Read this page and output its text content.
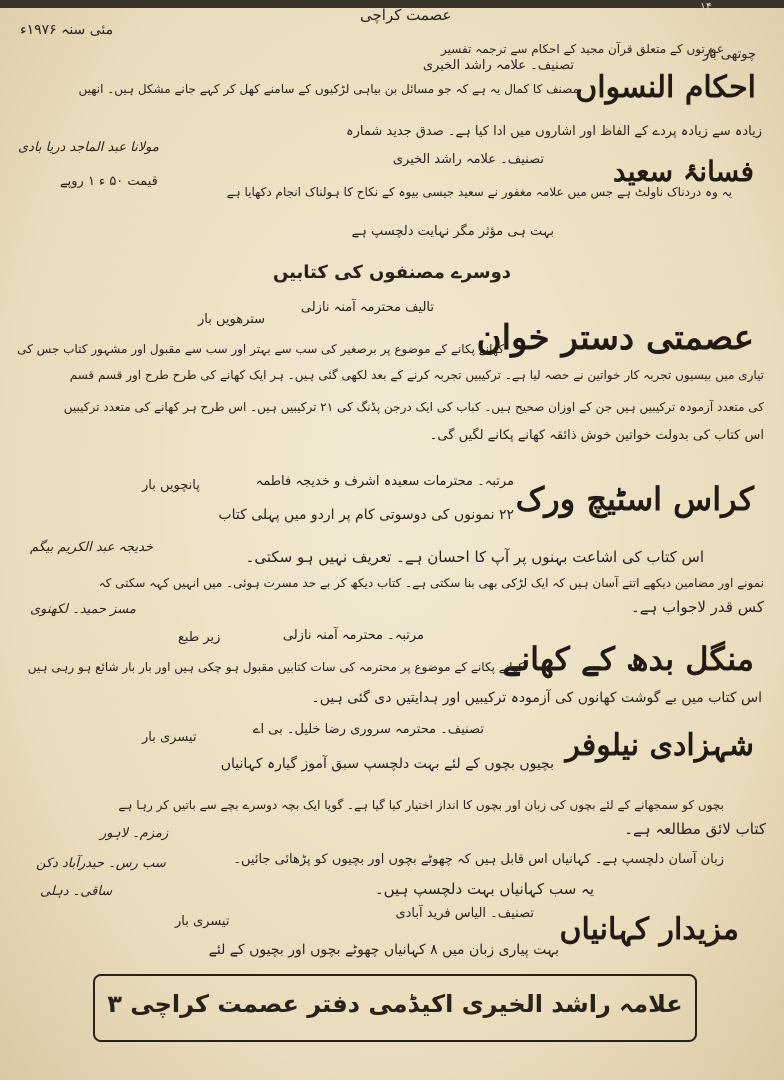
عصمت کراچی
مئی سنہ ۱۹۷۶ء
۱۴
احکام النسواں
تصنیف۔ علامہ راشد الخیری
چوتھی بار
عورتوں کے متعلق قرآن مجید کے احکام سے ترجمہ تفسیر
مصنف کا کمال یہ ہے کہ جو مسائل بن بیاہی لڑکیوں کے سامنے کھل کر کہے جانے مشکل ہیں۔ انھیں
زیادہ سے زیادہ پردے کے الفاظ اور اشاروں میں ادا کیا ہے۔ صدق جدید شمارہ
مولانا عبد الماجد دریا بادی
فسانۂ سعید
تصنیف۔ علامہ راشد الخیری
قیمت ۵۰ ء ۱ روپے
یہ وہ دردناک ناولٹ ہے جس میں علامہ مغفور نے سعید جیسی بیوہ کے نکاح کا ہولناک انجام دکھایا ہے
بہت ہی مؤثر مگر نہایت دلچسپ ہے
دوسرے مصنفوں کی کتابیں
عصمتی دستر خوان
تالیف محترمہ آمنہ نازلی
سترھویں بار
کھانے پکانے کے موضوع پر برصغیر کی سب سے بہتر اور سب سے مقبول اور مشہور کتاب جس کی
تیاری میں بیسیوں تجربہ کار خواتین نے حصہ لیا ہے۔ ترکیبیں تجربہ کرنے کے بعد لکھی گئی ہیں۔ ہر ایک کھانے کی طرح طرح اور قسم قسم
کی متعدد آزمودہ ترکیبیں ہیں جن کے اوزان صحیح ہیں۔ کباب کی ایک درجن پڈنگ کی ۲۱ ترکیبیں ہیں۔ اس طرح ہر کھانے کی متعدد ترکیبیں
اس کتاب کی بدولت خواتین خوش ذائقہ کھانے پکانے لگیں گی۔
کراس اسٹیچ ورک
مرتبہ۔ محترمات سعیدہ اشرف و خدیجہ فاطمہ
پانچویں بار
۲۲ نمونوں کی دوسوتی کام پر اردو میں پہلی کتاب
اس کتاب کی اشاعت بہنوں پر آپ کا احسان ہے۔ تعریف نہیں ہو سکتی۔
نمونے اور مضامین دیکھے اتنے آسان ہیں کہ ایک لڑکی بھی بنا سکتی ہے۔ کتاب دیکھ کر بے حد مسرت ہوئی۔ میں انہیں کہہ سکتی کہ
کس قدر لاجواب ہے۔
خدیجہ عبد الکریم بیگم
مسز حمید۔ لکھنوی
منگل بدھ کے کھانے
مرتبہ۔ محترمہ آمنہ نازلی
زیر طبع
کھانے پکانے کے موضوع پر محترمہ کی سات کتابیں مقبول ہو چکی ہیں اور بار بار شائع ہو رہی ہیں
اس کتاب میں بے گوشت کھانوں کی آزمودہ ترکیبیں اور ہدایتیں دی گئی ہیں۔
شہزادی نیلوفر
تصنیف۔ محترمہ سروری رضا خلیل۔ بی اے
تیسری بار
بچیوں بچوں کے لئے بہت دلچسپ سبق آموز گیارہ کہانیاں
بچوں کو سمجھانے کے لئے بچوں کی زبان اور بچوں کا انداز اختیار کیا گیا ہے۔ گویا ایک بچہ دوسرے بچے سے باتیں کر رہا ہے
کتاب لائق مطالعہ ہے۔
زبان آسان دلچسپ ہے۔ کہانیاں اس قابل ہیں کہ چھوٹے بچوں اور بچیوں کو پڑھائی جائیں۔
یہ سب کہانیاں بہت دلچسپ ہیں۔
زمزم۔ لاہور
سب رس۔ حیدرآباد دکن
ساقی۔ دہلی
مزیدار کہانیاں
تصنیف۔ الیاس فرید آبادی
تیسری بار
بہت پیاری زبان میں ۸ کہانیاں چھوٹے بچوں اور بچیوں کے لئے
علامہ راشد الخیری اکیڈمی دفتر عصمت کراچی ۳
